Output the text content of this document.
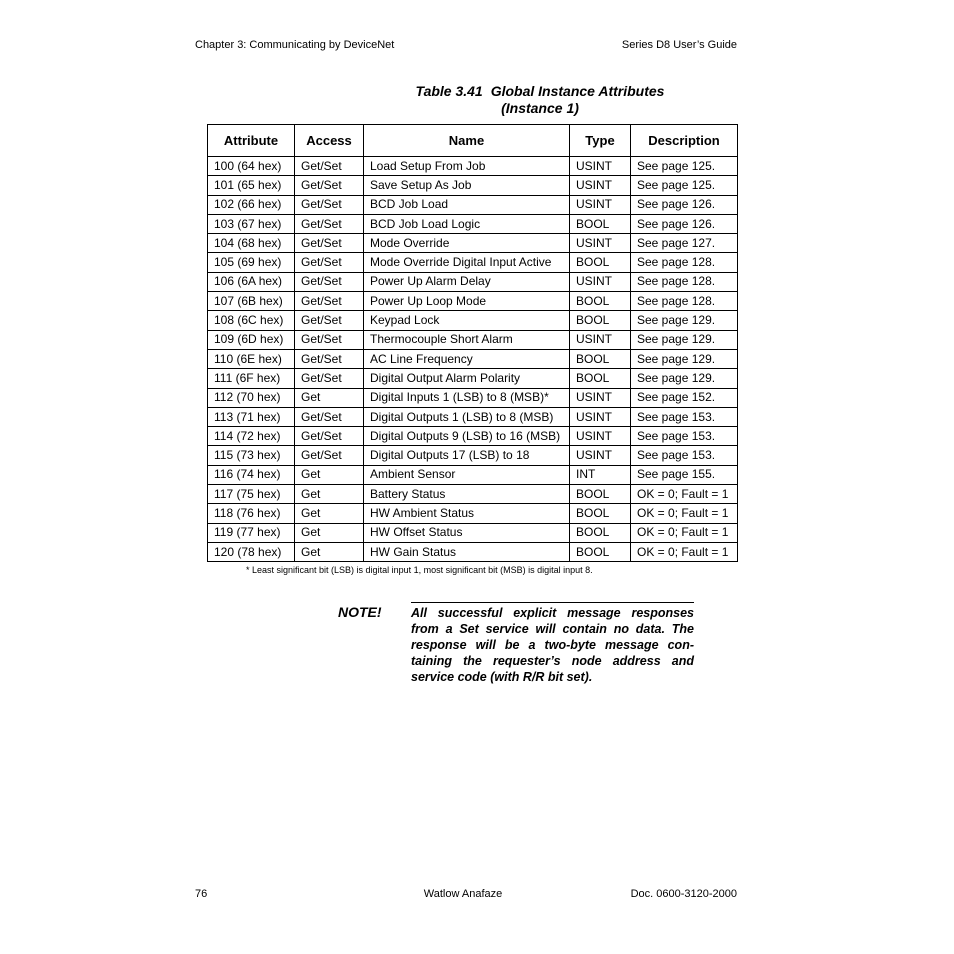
Chapter 3: Communicating by DeviceNet	Series D8 User’s Guide
Table 3.41 Global Instance Attributes
(Instance 1)
Attribute	Access	Name	Type	Description
100 (64 hex)	Get/Set	Load Setup From Job	USINT	See page 125.
101 (65 hex)	Get/Set	Save Setup As Job	USINT	See page 125.
102 (66 hex)	Get/Set	BCD Job Load	USINT	See page 126.
103 (67 hex)	Get/Set	BCD Job Load Logic	BOOL	See page 126.
104 (68 hex)	Get/Set	Mode Override	USINT	See page 127.
105 (69 hex)	Get/Set	Mode Override Digital Input Active	BOOL	See page 128.
106 (6A hex)	Get/Set	Power Up Alarm Delay	USINT	See page 128.
107 (6B hex)	Get/Set	Power Up Loop Mode	BOOL	See page 128.
108 (6C hex)	Get/Set	Keypad Lock	BOOL	See page 129.
109 (6D hex)	Get/Set	Thermocouple Short Alarm	USINT	See page 129.
110 (6E hex)	Get/Set	AC Line Frequency	BOOL	See page 129.
111 (6F hex)	Get/Set	Digital Output Alarm Polarity	BOOL	See page 129.
112 (70 hex)	Get	Digital Inputs 1 (LSB) to 8 (MSB)*	USINT	See page 152.
113 (71 hex)	Get/Set	Digital Outputs 1 (LSB) to 8 (MSB)	USINT	See page 153.
114 (72 hex)	Get/Set	Digital Outputs 9 (LSB) to 16 (MSB)	USINT	See page 153.
115 (73 hex)	Get/Set	Digital Outputs 17 (LSB) to 18	USINT	See page 153.
116 (74 hex)	Get	Ambient Sensor	INT	See page 155.
117 (75 hex)	Get	Battery Status	BOOL	OK = 0; Fault = 1
118 (76 hex)	Get	HW Ambient Status	BOOL	OK = 0; Fault = 1
119 (77 hex)	Get	HW Offset Status	BOOL	OK = 0; Fault = 1
120 (78 hex)	Get	HW Gain Status	BOOL	OK = 0; Fault = 1
* Least significant bit (LSB) is digital input 1, most significant bit (MSB) is digital input 8.
NOTE! All successful explicit message responses from a Set service will contain no data. The response will be a two-byte message con-taining the requester’s node address and service code (with R/R bit set).
76	Watlow Anafaze	Doc. 0600-3120-2000
